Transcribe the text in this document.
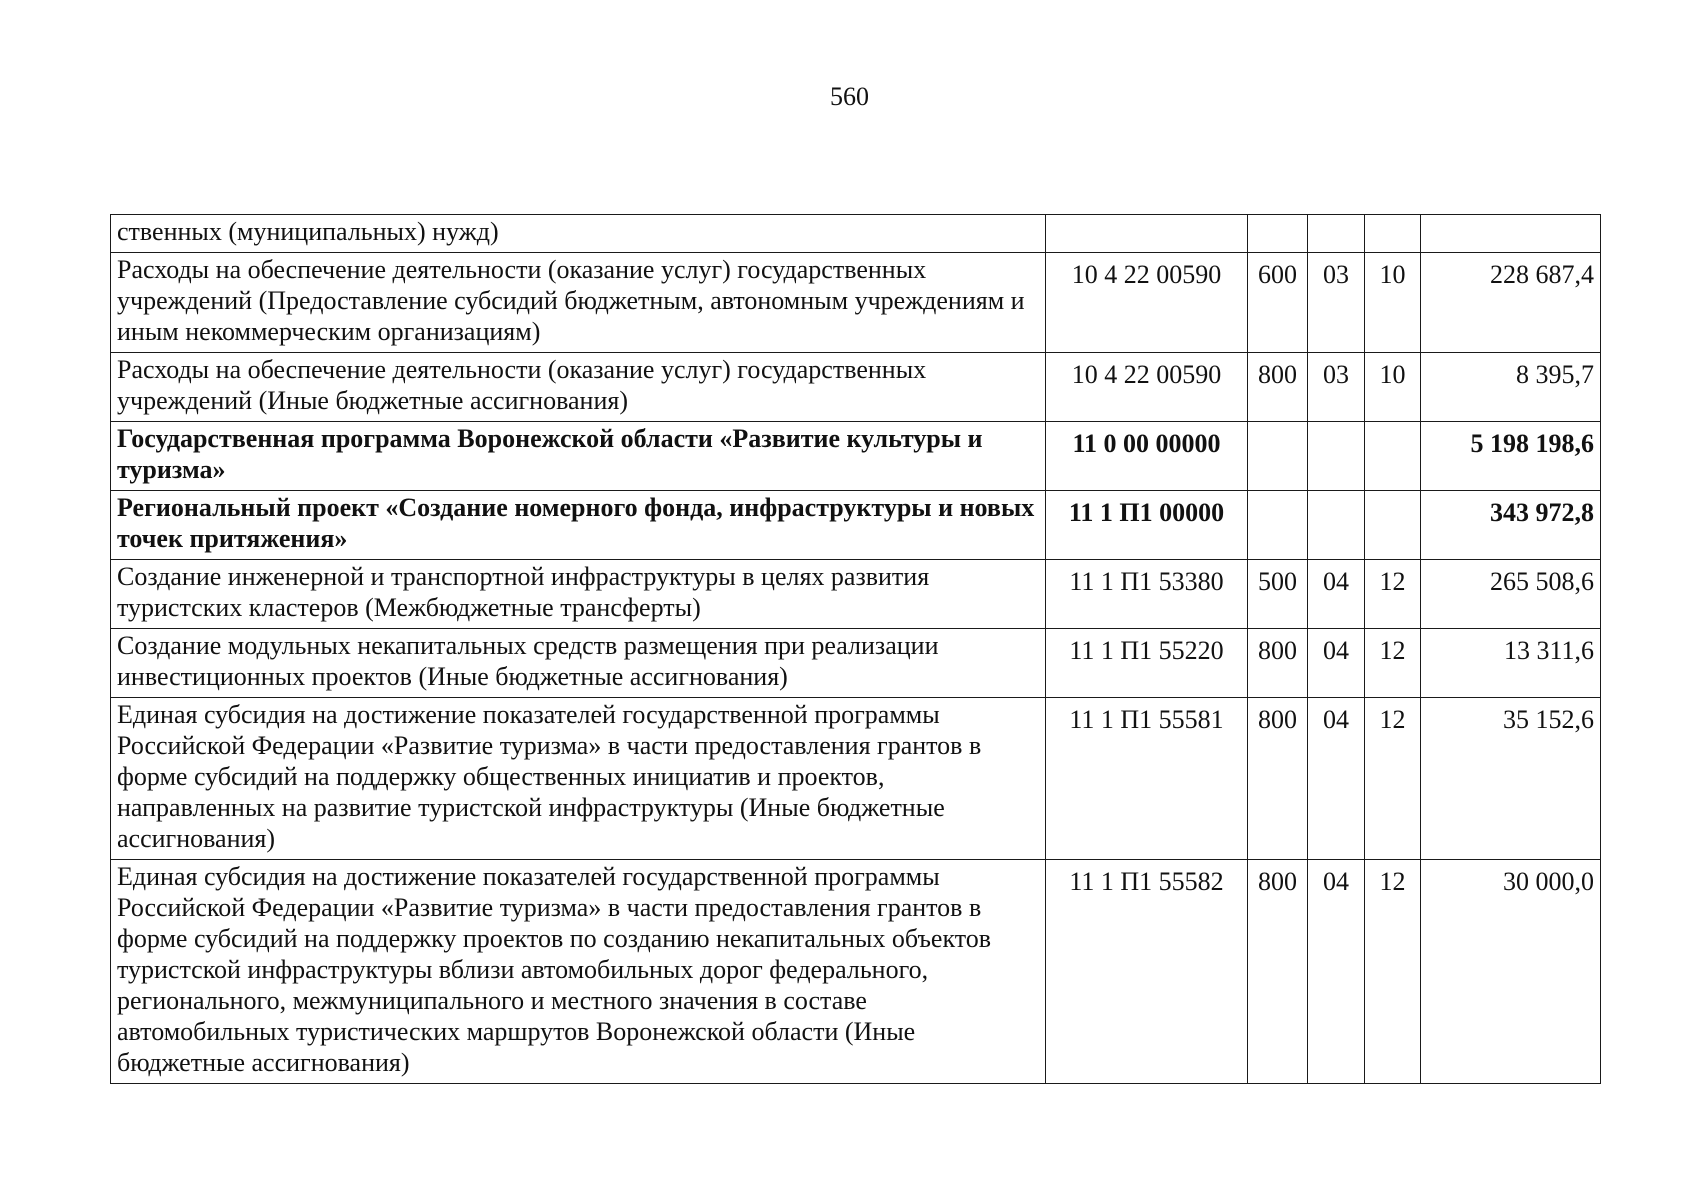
560
ственных (муниципальных) нужд)					
Расходы на обеспечение деятельности (оказание услуг) государственных учреждений (Предоставление субсидий бюджетным, автономным учреждениям и иным некоммерческим организациям)	10 4 22 00590	600	03	10	228 687,4
Расходы на обеспечение деятельности (оказание услуг) государственных учреждений (Иные бюджетные ассигнования)	10 4 22 00590	800	03	10	8 395,7
Государственная программа Воронежской области «Развитие культуры и туризма»	11 0 00 00000				5 198 198,6
Региональный проект «Создание номерного фонда, инфраструктуры и новых точек притяжения»	11 1 П1 00000				343 972,8
Создание инженерной и транспортной инфраструктуры в целях развития туристских кластеров (Межбюджетные трансферты)	11 1 П1 53380	500	04	12	265 508,6
Создание модульных некапитальных средств размещения при реализации инвестиционных проектов (Иные бюджетные ассигнования)	11 1 П1 55220	800	04	12	13 311,6
Единая субсидия на достижение показателей государственной программы Российской Федерации «Развитие туризма» в части предоставления грантов в форме субсидий на поддержку общественных инициатив и проектов, направленных на развитие туристской инфраструктуры (Иные бюджетные ассигнования)	11 1 П1 55581	800	04	12	35 152,6
Единая субсидия на достижение показателей государственной программы Российской Федерации «Развитие туризма» в части предоставления грантов в форме субсидий на поддержку проектов по созданию некапитальных объектов туристской инфраструктуры вблизи автомобильных дорог федерального, регионального, межмуниципального и местного значения в составе автомобильных туристических маршрутов Воронежской области (Иные бюджетные ассигнования)	11 1 П1 55582	800	04	12	30 000,0
